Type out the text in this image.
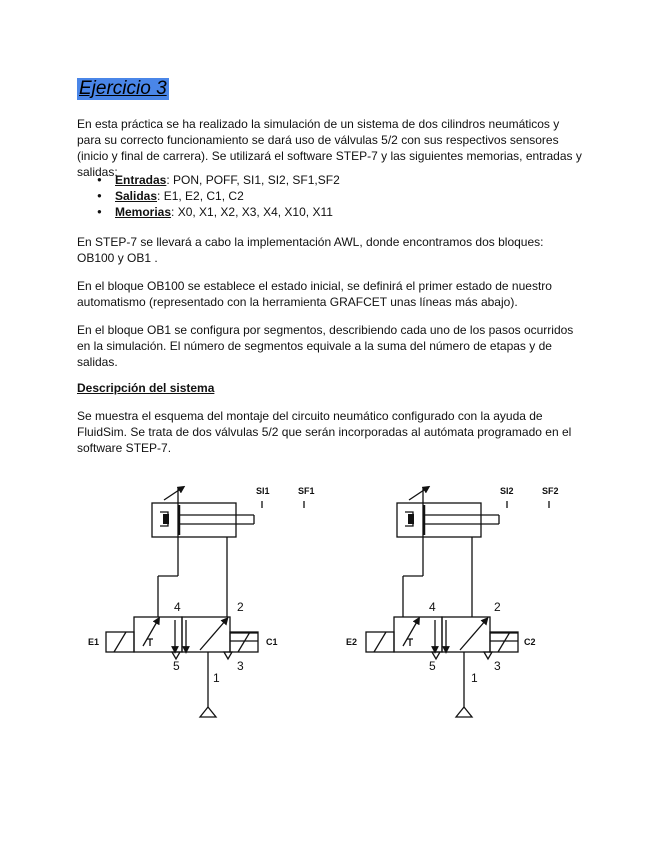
Ejercicio 3

En esta práctica se ha realizado la simulación de un sistema de dos cilindros neumáticos y para su correcto funcionamiento se dará uso de válvulas 5/2 con sus respectivos sensores (inicio y final de carrera). Se utilizará el software STEP-7 y las siguientes memorias, entradas y salidas:

● Entradas: PON, POFF, SI1, SI2, SF1,SF2
● Salidas: E1, E2, C1, C2
● Memorias: X0, X1, X2, X3, X4, X10, X11

En STEP-7 se llevará a cabo la implementación AWL, donde encontramos dos bloques: OB100 y OB1 .

En el bloque OB100 se establece el estado inicial, se definirá el primer estado de nuestro automatismo (representado con la herramienta GRAFCET unas líneas más abajo).

En el bloque OB1 se configura por segmentos, describiendo cada uno de los pasos ocurridos en la simulación. El número de segmentos equivale a la suma del número de etapas y de salidas.

Descripción del sistema

Se muestra el esquema del montaje del circuito neumático configurado con la ayuda de FluidSim. Se trata de dos válvulas 5/2 que serán incorporadas al autómata programado en el software STEP-7.

SI1	SF1
E1	C1
4	2
5	3
1
SI2	SF2
E2	C2
4	2
5	3
1
